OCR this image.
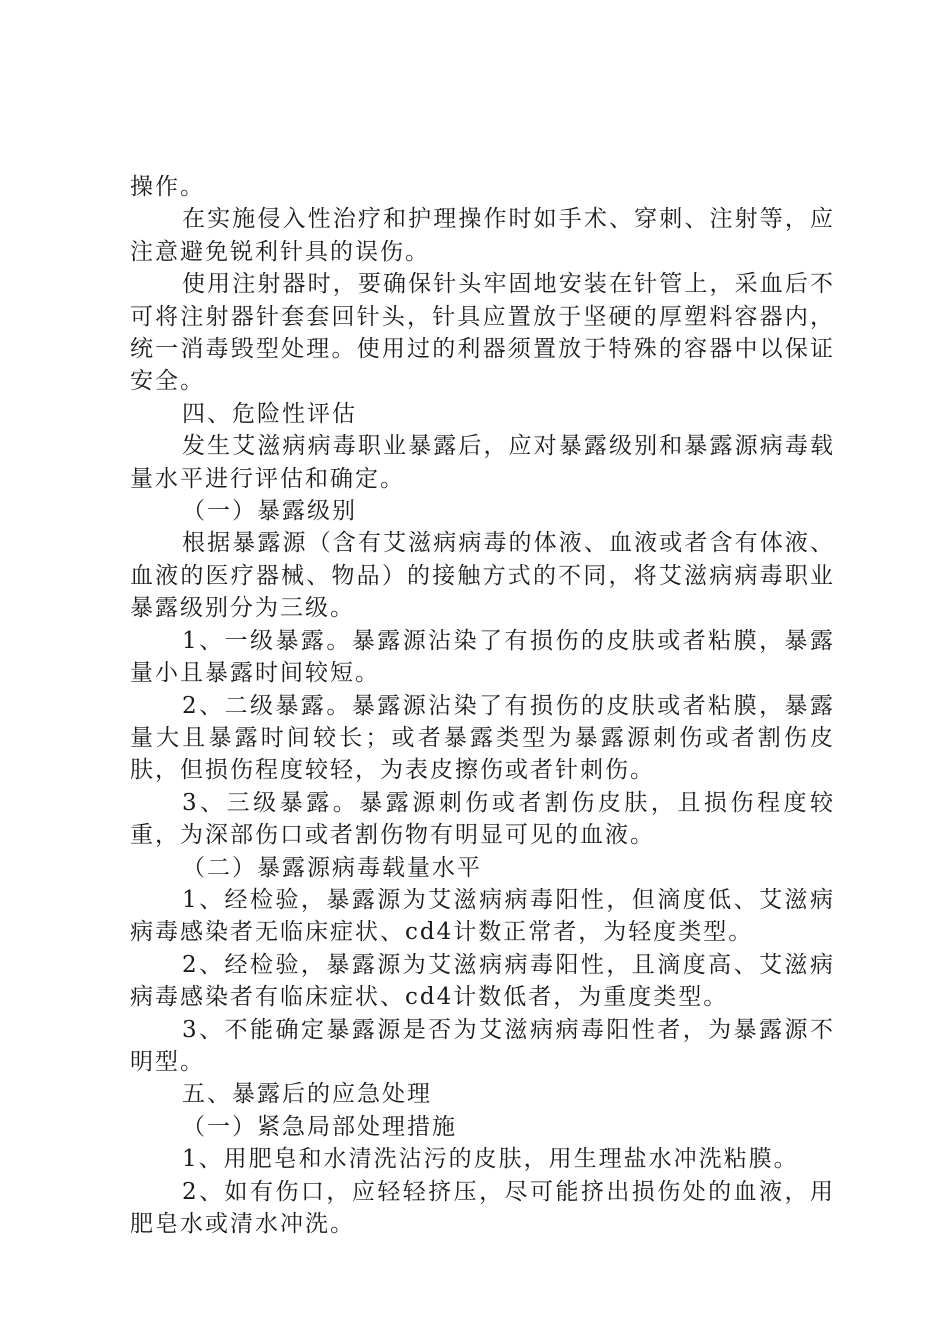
操作。

在实施侵入性治疗和护理操作时如手术、穿刺、注射等，应注意避免锐利针具的误伤。

使用注射器时，要确保针头牢固地安装在针管上，采血后不可将注射器针套套回针头，针具应置放于坚硬的厚塑料容器内，统一消毒毁型处理。使用过的利器须置放于特殊的容器中以保证安全。

四、危险性评估

发生艾滋病病毒职业暴露后，应对暴露级别和暴露源病毒载量水平进行评估和确定。

（一）暴露级别

根据暴露源（含有艾滋病病毒的体液、血液或者含有体液、血液的医疗器械、物品）的接触方式的不同，将艾滋病病毒职业暴露级别分为三级。

1、一级暴露。暴露源沾染了有损伤的皮肤或者粘膜，暴露量小且暴露时间较短。

2、二级暴露。暴露源沾染了有损伤的皮肤或者粘膜，暴露量大且暴露时间较长；或者暴露类型为暴露源刺伤或者割伤皮肤，但损伤程度较轻，为表皮擦伤或者针刺伤。

3、三级暴露。暴露源刺伤或者割伤皮肤，且损伤程度较重，为深部伤口或者割伤物有明显可见的血液。

（二）暴露源病毒载量水平

1、经检验，暴露源为艾滋病病毒阳性，但滴度低、艾滋病病毒感染者无临床症状、cd4计数正常者，为轻度类型。

2、经检验，暴露源为艾滋病病毒阳性，且滴度高、艾滋病病毒感染者有临床症状、cd4计数低者，为重度类型。

3、不能确定暴露源是否为艾滋病病毒阳性者，为暴露源不明型。

五、暴露后的应急处理

（一）紧急局部处理措施

1、用肥皂和水清洗沾污的皮肤，用生理盐水冲洗粘膜。

2、如有伤口，应轻轻挤压，尽可能挤出损伤处的血液，用肥皂水或清水冲洗。
